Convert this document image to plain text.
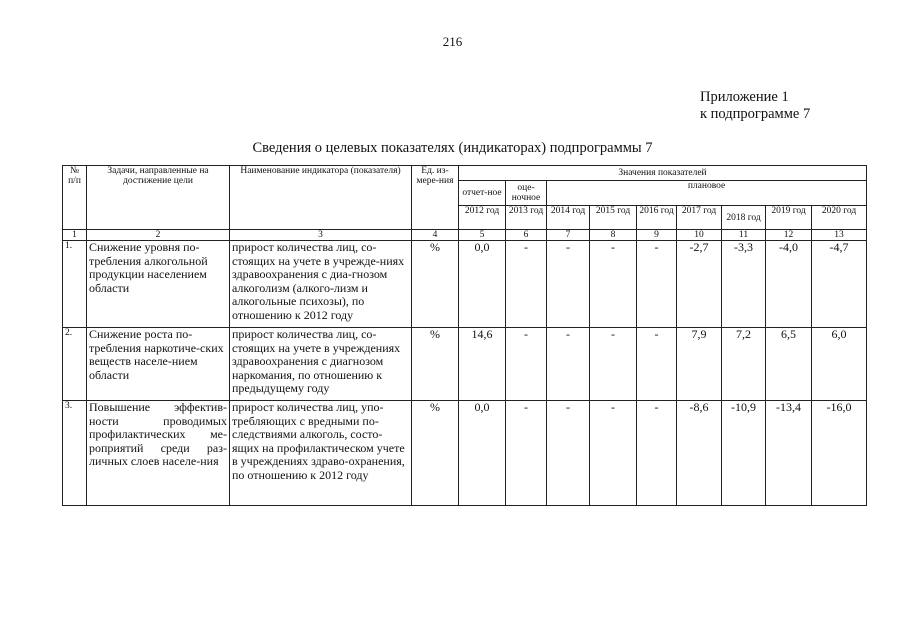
216
Приложение 1
к подпрограмме 7
Сведения о целевых показателях (индикаторах) подпрограммы 7
№ п/п	Задачи, направленные на достижение цели	Наименование индикатора (показателя)	Ед. из-мере-ния	Значения показателей								
				отчет-ное	оце-ночное	плановое						
				2012 год	2013 год	2014 год	2015 год	2016 год	2017 год	2018 год	2019 год	2020 год
1	2	3	4	5	6	7	8	9	10	11	12	13
1.	Снижение уровня по-требления алкогольной продукции населением области	прирост количества лиц, со-стоящих на учете в учрежде-ниях здравоохранения с диа-гнозом алкоголизм (алкого-лизм и алкогольные психозы), по отношению к 2012 году	%	0,0	-	-	-	-	-2,7	-3,3	-4,0	-4,7
2.	Снижение роста по-требления наркотиче-ских веществ населе-нием области	прирост количества лиц, со-стоящих на учете в учреждениях здравоохранения с диагнозом наркомания, по отношению к предыдущему году	%	14,6	-	-	-	-	7,9	7,2	6,5	6,0
3.	Повышение эффектив-ности проводимых профилактических ме-роприятий среди раз-личных слоев населе-ния	прирост количества лиц, упо-требляющих с вредными по-следствиями алкоголь, состо-ящих на профилактическом учете в учреждениях здраво-охранения, по отношению к 2012 году	%	0,0	-	-	-	-	-8,6	-10,9	-13,4	-16,0
